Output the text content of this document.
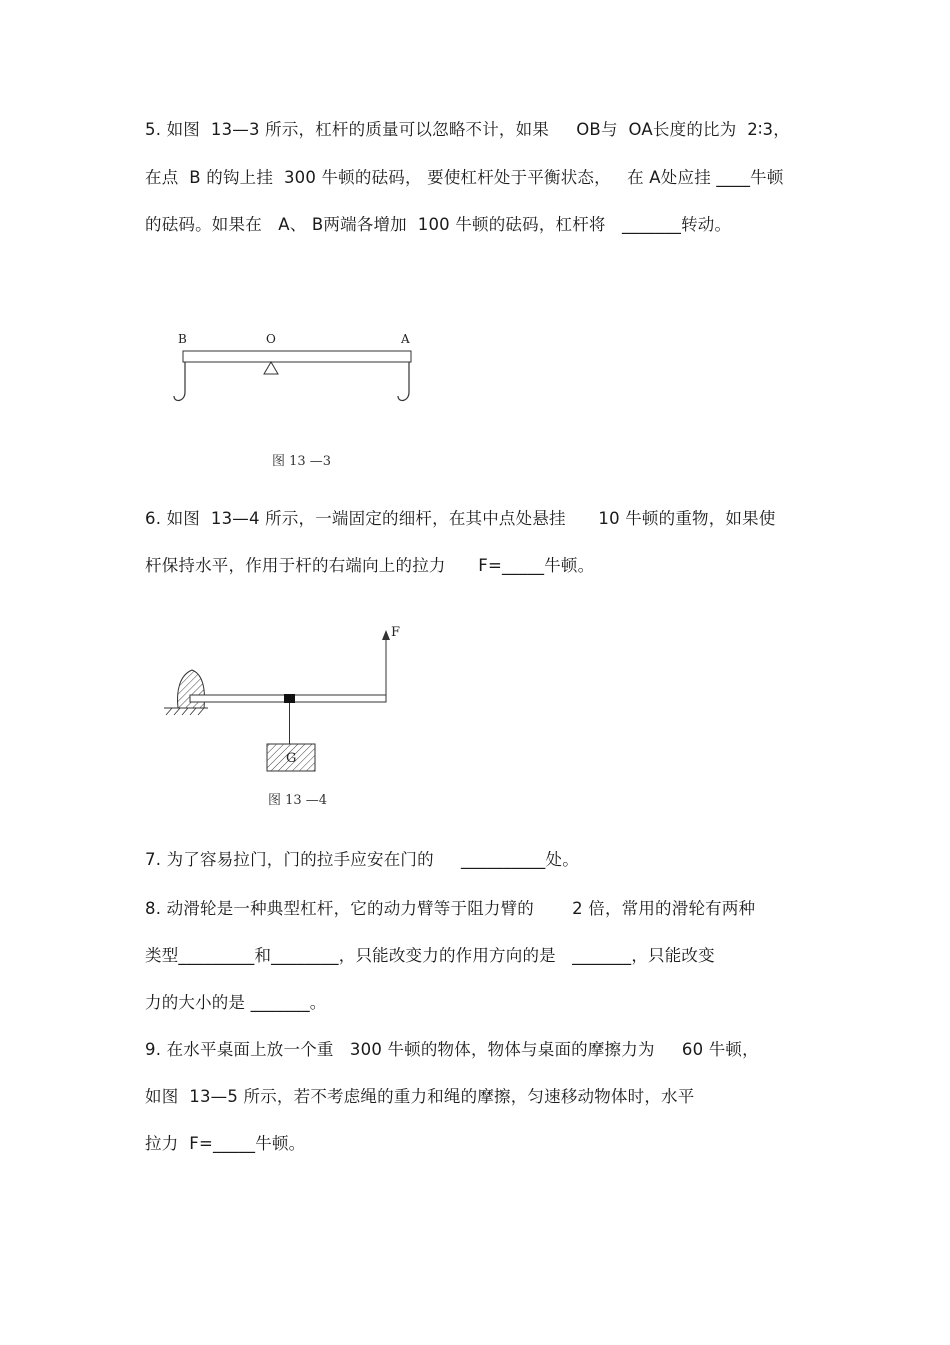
5. 如图  13—3 所示，杠杆的质量可以忽略不计，如果     OB与  OA长度的比为  2∶3，
在点  B 的钩上挂  300 牛顿的砝码， 要使杠杆处于平衡状态，   在 A处应挂 ____牛顿
的砝码。如果在   A、 B两端各增加  100 牛顿的砝码，杠杆将   _______转动。
B	O	A
图 13 —3
6. 如图  13—4 所示，一端固定的细杆，在其中点处悬挂      10 牛顿的重物，如果使
杆保持水平，作用于杆的右端向上的拉力      F=_____牛顿。
G
F
图 13 —4
7. 为了容易拉门，门的拉手应安在门的     __________处。
8. 动滑轮是一种典型杠杆，它的动力臂等于阻力臂的       2 倍，常用的滑轮有两种
类型_________和________，只能改变力的作用方向的是   _______，只能改变
力的大小的是 _______。
9. 在水平桌面上放一个重   300 牛顿的物体，物体与桌面的摩擦力为     60 牛顿，
如图  13—5 所示，若不考虑绳的重力和绳的摩擦，匀速移动物体时，水平
拉力  F=_____牛顿。
